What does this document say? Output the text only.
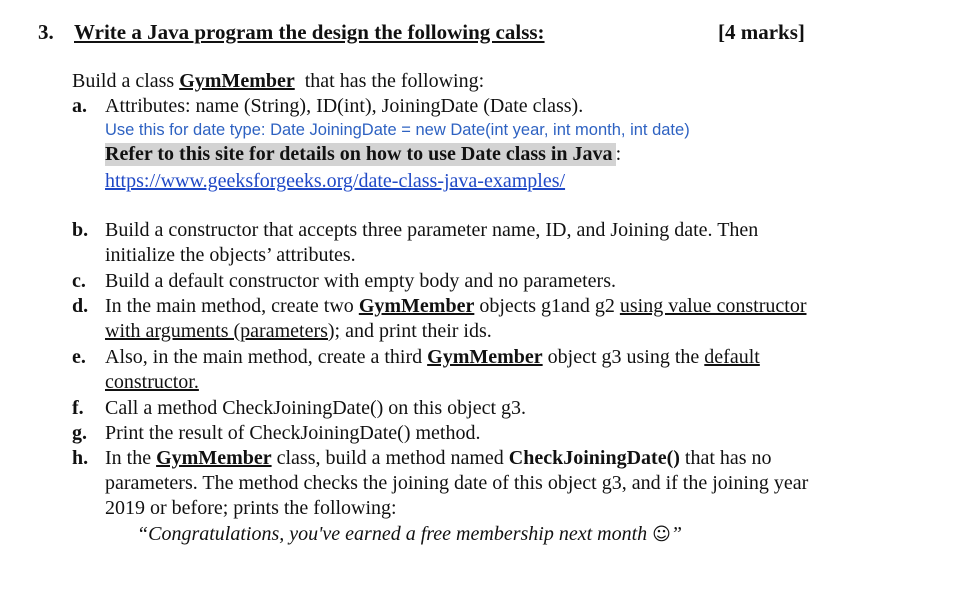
3. Write a Java program the design the following calss:	[4 marks]
Build a class GymMember that has the following:
a. Attributes: name (String), ID(int), JoiningDate (Date class).
Use this for date type: Date JoiningDate = new Date(int year, int month, int date)
Refer to this site for details on how to use Date class in Java :
https://www.geeksforgeeks.org/date-class-java-examples/
b. Build a constructor that accepts three parameter name, ID, and Joining date. Then
initialize the objects’ attributes.
c. Build a default constructor with empty body and no parameters.
d. In the main method, create two GymMember objects g1and g2 using value constructor
with arguments (parameters); and print their ids.
e. Also, in the main method, create a third GymMember object g3 using the default
constructor.
f. Call a method CheckJoiningDate() on this object g3.
g. Print the result of CheckJoiningDate() method.
h. In the GymMember class, build a method named CheckJoiningDate() that has no
parameters. The method checks the joining date of this object g3, and if the joining year
2019 or before; prints the following:
“Congratulations, you've earned a free membership next month ☺”
